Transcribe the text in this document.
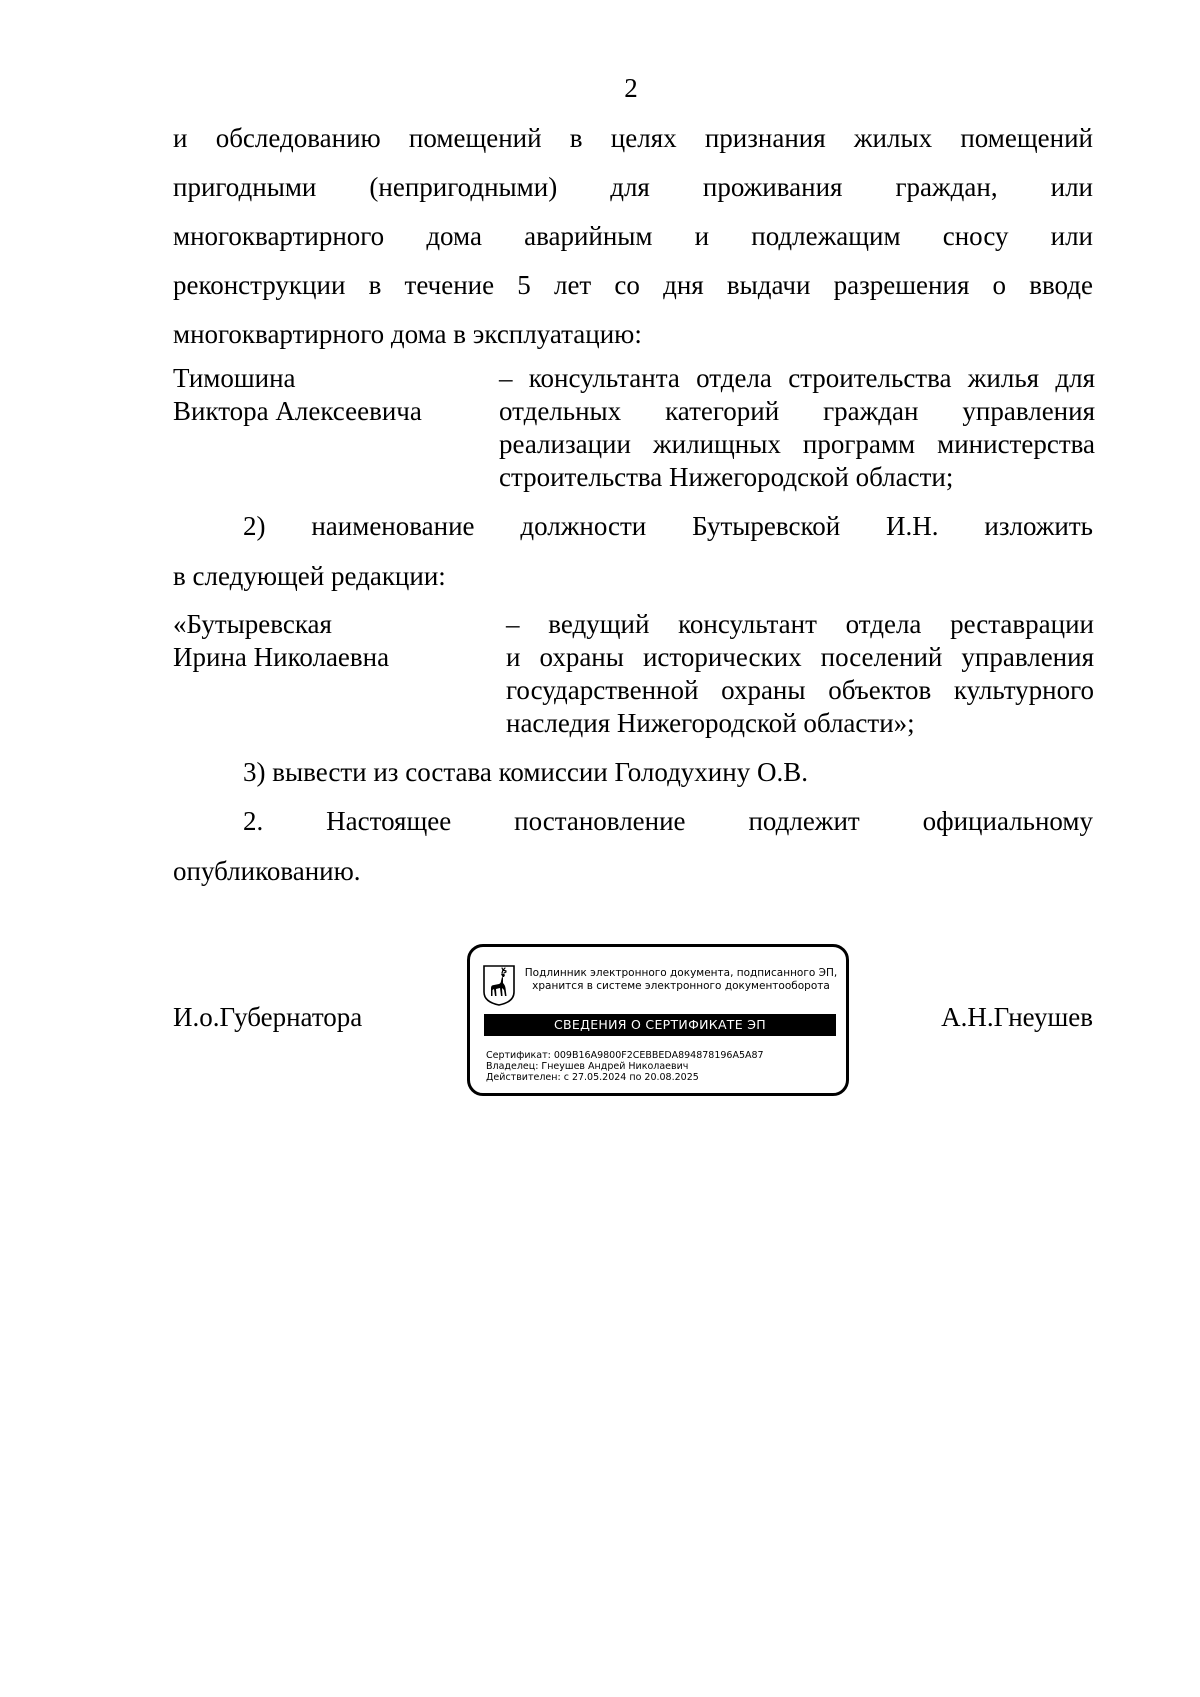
2
и обследованию помещений в целях признания жилых помещений
пригодными (непригодными) для проживания граждан, или
многоквартирного дома аварийным и подлежащим сносу или
реконструкции в течение 5 лет со дня выдачи разрешения о вводе
многоквартирного дома в эксплуатацию:
Тимошина
Виктора Алексеевича
– консультанта отдела строительства жилья для
отдельных категорий граждан управления
реализации жилищных программ министерства
строительства Нижегородской области;
2) наименование должности Бутыревской И.Н. изложить
в следующей редакции:
«Бутыревская
Ирина Николаевна
– ведущий консультант отдела реставрации
и охраны исторических поселений управления
государственной охраны объектов культурного
наследия Нижегородской области»;
3) вывести из состава комиссии Голодухину О.В.
2. Настоящее постановление подлежит официальному
опубликованию.
И.о.Губернатора	А.Н.Гнеушев
Подлинник электронного документа, подписанного ЭП,
хранится в системе электронного документооборота
СВЕДЕНИЯ О СЕРТИФИКАТЕ ЭП
Сертификат: 009B16A9800F2CEBBEDA894878196A5A87
Владелец: Гнеушев Андрей Николаевич
Действителен: с 27.05.2024 по 20.08.2025
